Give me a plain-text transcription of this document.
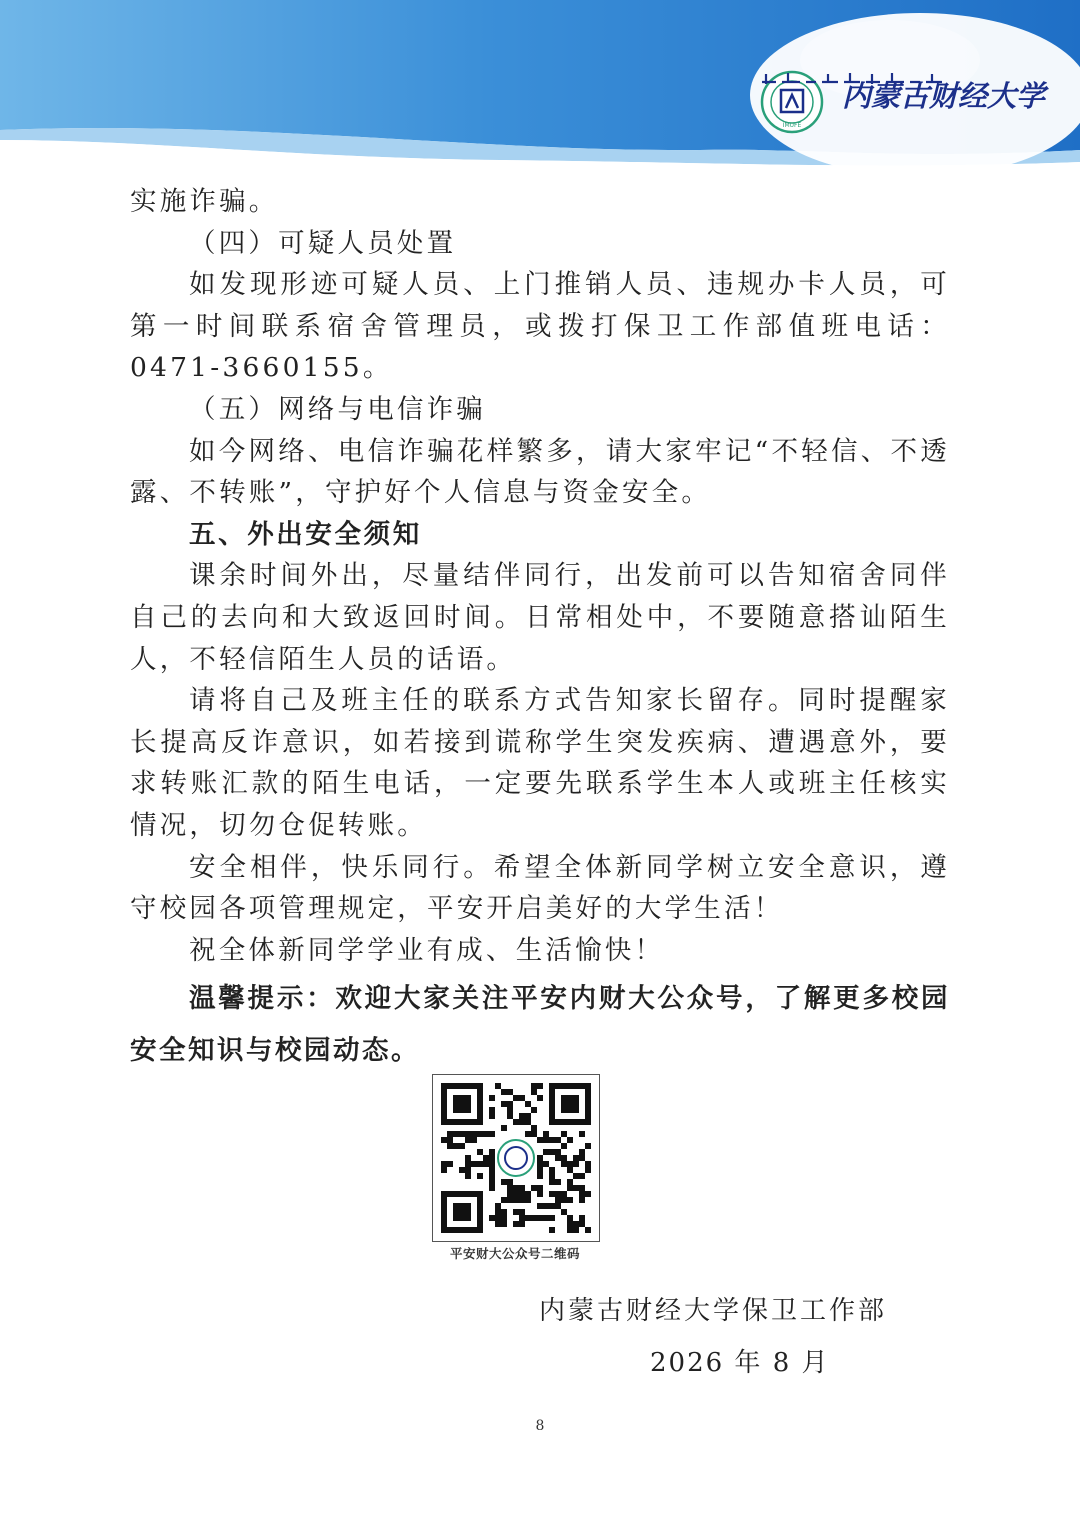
IMUFE
内蒙古财经大学

实施诈骗。

（四）可疑人员处置

如发现形迹可疑人员、上门推销人员、违规办卡人员，可第一时间联系宿舍管理员，或拨打保卫工作部值班电话：0471-3660155。

（五）网络与电信诈骗

如今网络、电信诈骗花样繁多，请大家牢记“不轻信、不透露、不转账”，守护好个人信息与资金安全。

五、外出安全须知

课余时间外出，尽量结伴同行，出发前可以告知宿舍同伴自己的去向和大致返回时间。日常相处中，不要随意搭讪陌生人，不轻信陌生人员的话语。

请将自己及班主任的联系方式告知家长留存。同时提醒家长提高反诈意识，如若接到谎称学生突发疾病、遭遇意外，要求转账汇款的陌生电话，一定要先联系学生本人或班主任核实情况，切勿仓促转账。

安全相伴，快乐同行。希望全体新同学树立安全意识，遵守校园各项管理规定，平安开启美好的大学生活！

祝全体新同学学业有成、生活愉快！

温馨提示：欢迎大家关注平安内财大公众号，了解更多校园安全知识与校园动态。

平安财大公众号二维码
内蒙古财经大学保卫工作部
2026 年 8 月
8
